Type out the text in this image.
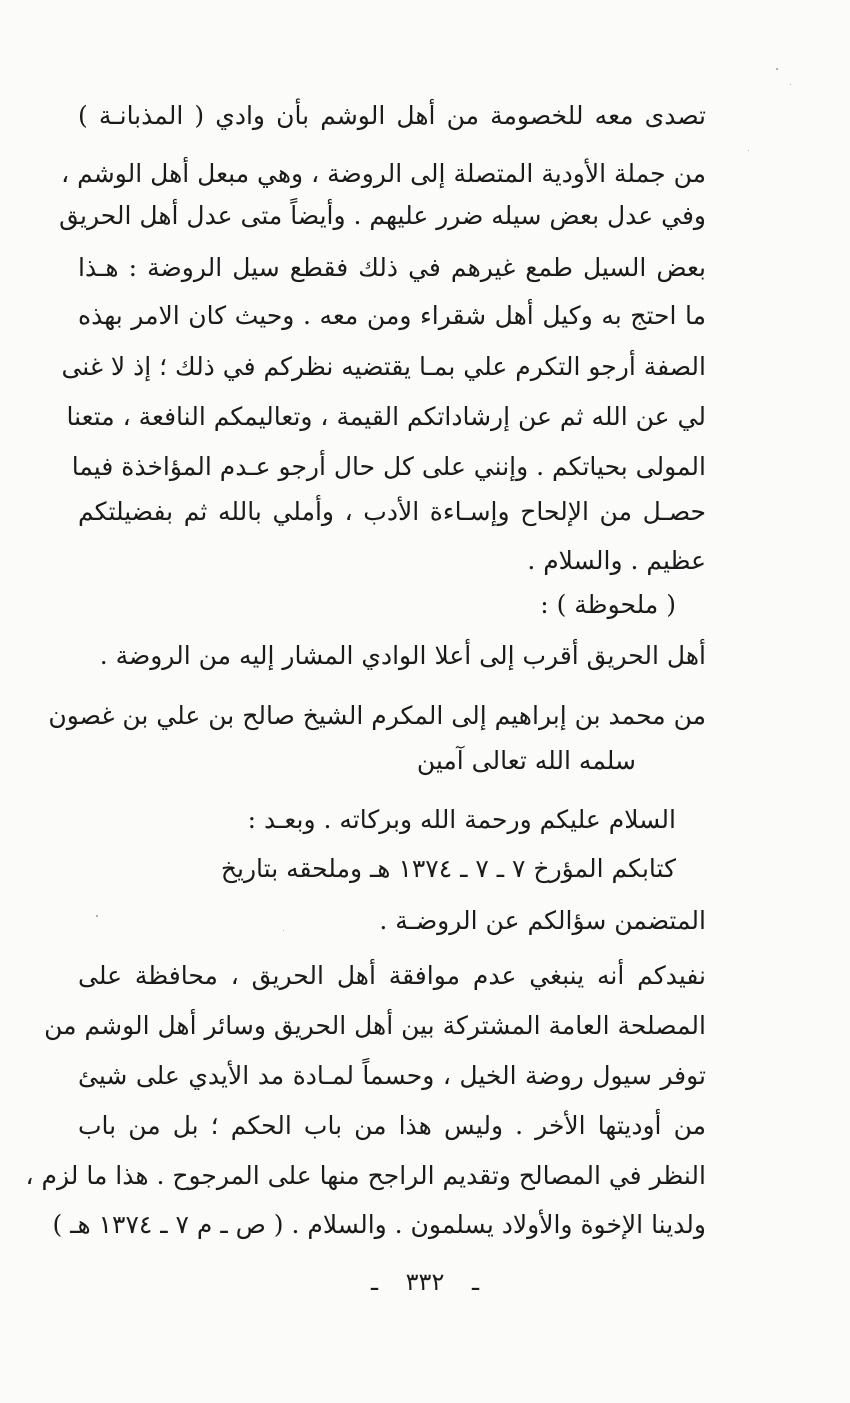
تصدى معه للخصومة من أهل الوشم بأن وادي ( المذبانـة )
من جملة الأودية المتصلة إلى الروضة ، وهي مبعل أهل الوشم ،
وفي عدل بعض سيله ضرر عليهم . وأيضاً متى عدل أهل الحريق
بعض السيل طمع غيرهم في ذلك فقطع سيل الروضة : هـذا
ما احتج به وكيل أهل شقراء ومن معه . وحيث كان الامر بهذه
الصفة أرجو التكرم علي بمـا يقتضيه نظركم في ذلك ؛ إذ لا غنى
لي عن الله ثم عن إرشاداتكم القيمة ، وتعاليمكم النافعة ، متعنا
المولى بحياتكم . وإنني على كل حال أرجو عـدم المؤاخذة فيما
حصـل من الإلحاح وإسـاءة الأدب ، وأملي بالله ثم بفضيلتكم
عظيم . والسلام .
( ملحوظة ) :
أهل الحريق أقرب إلى أعلا الوادي المشار إليه من الروضة .
من محمد بن إبراهيم إلى المكرم الشيخ صالح بن علي بن غصون
سلمه الله تعالى آمين
السلام عليكم ورحمة الله وبركاته . وبعـد :
كتابكم المؤرخ ٧ ـ ٧ ـ ١٣٧٤ هـ وملحقه بتاريخ
المتضمن سؤالكم عن الروضـة .
نفيدكم أنه ينبغي عدم موافقة أهل الحريق ، محافظة على
المصلحة العامة المشتركة بين أهل الحريق وسائر أهل الوشم من
توفر سيول روضة الخيل ، وحسماً لمـادة مد الأيدي على شيئ
من أوديتها الأخر . وليس هذا من باب الحكم ؛ بل من باب
النظر في المصالح وتقديم الراجح منها على المرجوح . هذا ما لزم ،
ولدينا الإخوة والأولاد يسلمون . والسلام . ( ص ـ م ٧ ـ ١٣٧٤ هـ )
ـ ٣٣٢ ـ
